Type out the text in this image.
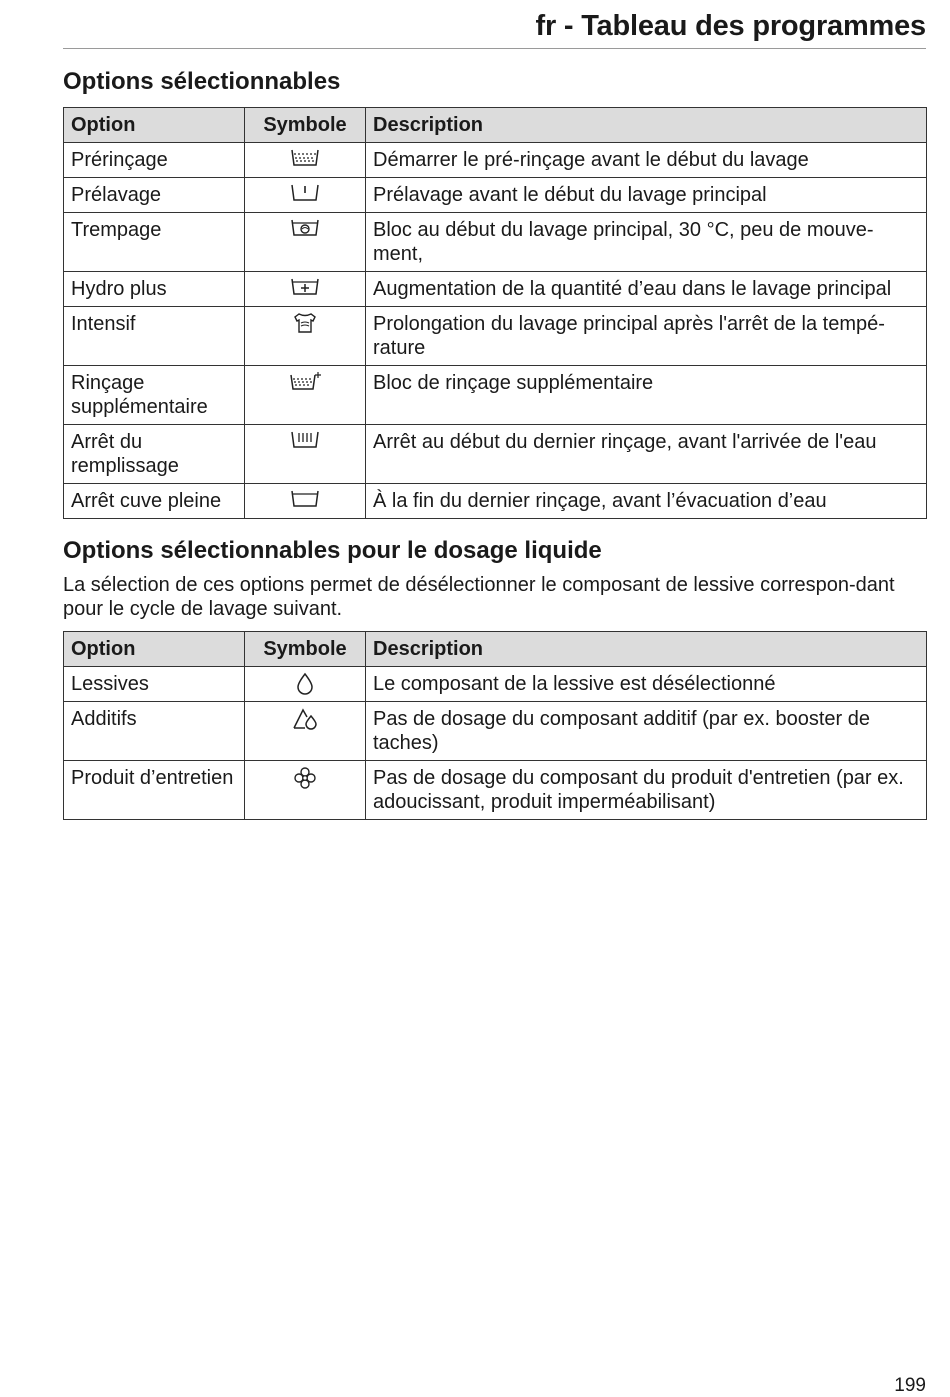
fr - Tableau des programmes
Options sélectionnables
Option	Symbole	Description
Prérinçage		Démarrer le pré-rinçage avant le début du lavage
Prélavage		Prélavage avant le début du lavage principal
Trempage		Bloc au début du lavage principal, 30 °C, peu de mouve-ment,
Hydro plus		Augmentation de la quantité d’eau dans le lavage principal
Intensif		Prolongation du lavage principal après l'arrêt de la tempé-rature
Rinçage supplémentaire		Bloc de rinçage supplémentaire
Arrêt du remplissage		Arrêt au début du dernier rinçage, avant l'arrivée de l'eau
Arrêt cuve pleine		À la fin du dernier rinçage, avant l’évacuation d’eau
Options sélectionnables pour le dosage liquide
La sélection de ces options permet de désélectionner le composant de lessive correspon-dant pour le cycle de lavage suivant.
Option	Symbole	Description
Lessives		Le composant de la lessive est désélectionné
Additifs		Pas de dosage du composant additif (par ex. booster de taches)
Produit d’entretien		Pas de dosage du composant du produit d'entretien (par ex. adoucissant, produit imperméabilisant)
199
